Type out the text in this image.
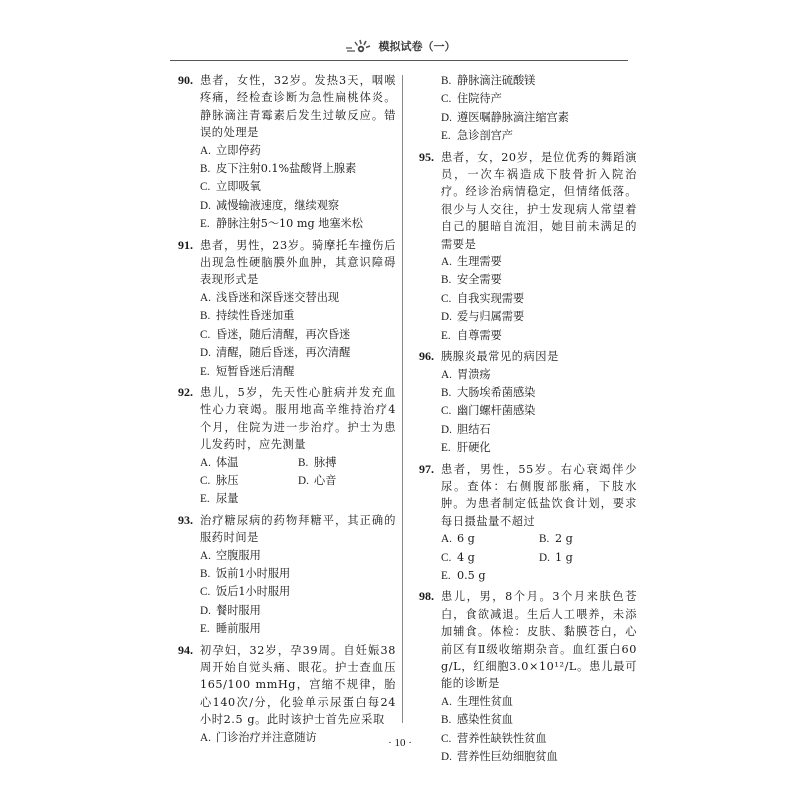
模拟试卷（一）
90. 患者，女性，32岁。发热3天，咽喉疼痛，经检查诊断为急性扁桃体炎。静脉滴注青霉素后发生过敏反应。错误的处理是
A. 立即停药
B. 皮下注射0.1%盐酸肾上腺素
C. 立即吸氧
D. 减慢输液速度，继续观察
E. 静脉注射5～10 mg 地塞米松
91. 患者，男性，23岁。骑摩托车撞伤后出现急性硬脑膜外血肿，其意识障碍表现形式是
A. 浅昏迷和深昏迷交替出现
B. 持续性昏迷加重
C. 昏迷，随后清醒，再次昏迷
D. 清醒，随后昏迷，再次清醒
E. 短暂昏迷后清醒
92. 患儿，5岁，先天性心脏病并发充血性心力衰竭。服用地高辛维持治疗4个月，住院为进一步治疗。护士为患儿发药时，应先测量
A. 体温	B. 脉搏
C. 脉压	D. 心音
E. 尿量
93. 治疗糖尿病的药物拜糖平，其正确的服药时间是
A. 空腹服用
B. 饭前1小时服用
C. 饭后1小时服用
D. 餐时服用
E. 睡前服用
94. 初孕妇，32岁，孕39周。自妊娠38周开始自觉头痛、眼花。护士查血压165/100 mmHg，宫缩不规律，胎心140次/分，化验单示尿蛋白每24小时2.5 g。此时该护士首先应采取
A. 门诊治疗并注意随访
B. 静脉滴注硫酸镁
C. 住院待产
D. 遵医嘱静脉滴注缩宫素
E. 急诊剖宫产
95. 患者，女，20岁，是位优秀的舞蹈演员，一次车祸造成下肢骨折入院治疗。经诊治病情稳定，但情绪低落。很少与人交往，护士发现病人常望着自己的腿暗自流泪，她目前未满足的需要是
A. 生理需要
B. 安全需要
C. 自我实现需要
D. 爱与归属需要
E. 自尊需要
96. 胰腺炎最常见的病因是
A. 胃溃疡
B. 大肠埃希菌感染
C. 幽门螺杆菌感染
D. 胆结石
E. 肝硬化
97. 患者，男性，55岁。右心衰竭伴少尿。查体：右侧腹部胀痛，下肢水肿。为患者制定低盐饮食计划，要求每日摄盐量不超过
A. 6 g	B. 2 g
C. 4 g	D. 1 g
E. 0.5 g
98. 患儿，男，8个月。3个月来肤色苍白，食欲减退。生后人工喂养，未添加辅食。体检：皮肤、黏膜苍白，心前区有Ⅱ级收缩期杂音。血红蛋白60 g/L，红细胞3.0×10¹²/L。患儿最可能的诊断是
A. 生理性贫血
B. 感染性贫血
C. 营养性缺铁性贫血
D. 营养性巨幼细胞贫血
· 10 ·
